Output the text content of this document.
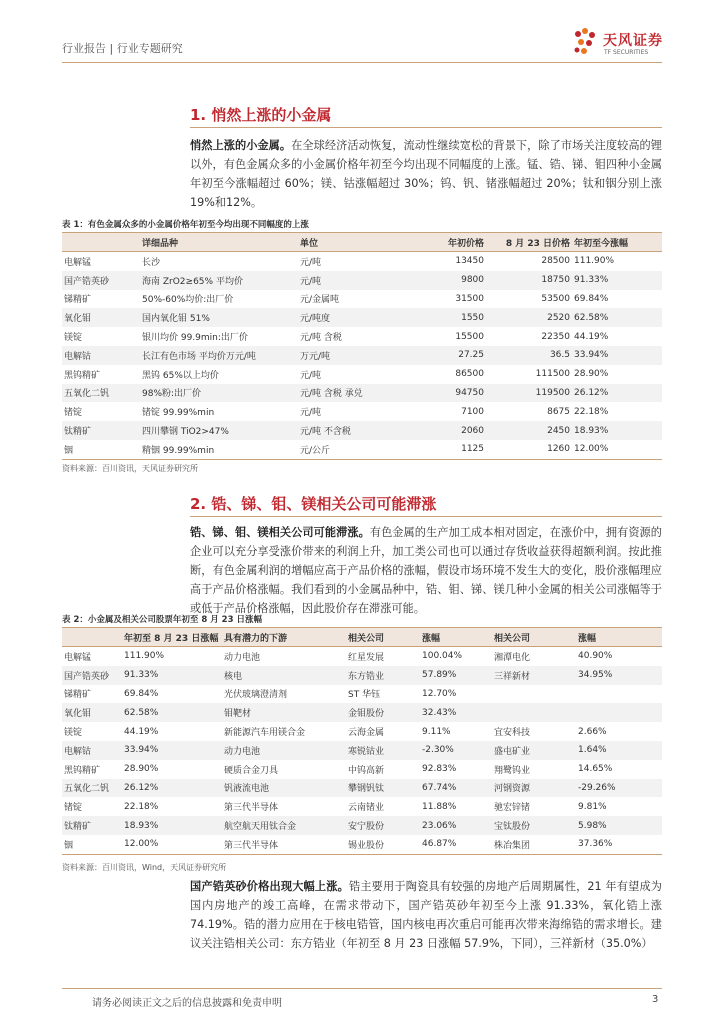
行业报告 | 行业专题研究	天风证券
TF SECURITIES
1. 悄然上涨的小金属
悄然上涨的小金属。在全球经济活动恢复，流动性继续宽松的背景下，除了市场关注度较高的锂以外，有色金属众多的小金属价格年初至今均出现不同幅度的上涨。锰、锆、锑、钼四种小金属年初至今涨幅超过 60%；镁、钴涨幅超过 30%；钨、钒、锗涨幅超过 20%；钛和铟分别上涨 19%和12%。
表 1：有色金属众多的小金属价格年初至今均出现不同幅度的上涨
	详细品种	单位	年初价格	8 月 23 日价格	年初至今涨幅
电解锰	长沙	元/吨	13450	28500	111.90%
国产锆英砂	海南 ZrO2≥65% 平均价	元/吨	9800	18750	91.33%
锑精矿	50%-60%均价:出厂价	元/金属吨	31500	53500	69.84%
氧化钼	国内氧化钼 51%	元/吨度	1550	2520	62.58%
镁锭	银川均价 99.9min:出厂价	元/吨 含税	15500	22350	44.19%
电解钴	长江有色市场 平均价万元/吨	万元/吨	27.25	36.5	33.94%
黑钨精矿	黑钨 65%以上均价	元/吨	86500	111500	28.90%
五氧化二钒	98%粉:出厂价	元/吨 含税 承兑	94750	119500	26.12%
锗锭	锗锭 99.99%min	元/吨	7100	8675	22.18%
钛精矿	四川攀钢 TiO2>47%	元/吨 不含税	2060	2450	18.93%
铟	精铟 99.99%min	元/公斤	1125	1260	12.00%
资料来源：百川资讯，天风证券研究所
2. 锆、锑、钼、镁相关公司可能滞涨
锆、锑、钼、镁相关公司可能滞涨。有色金属的生产加工成本相对固定，在涨价中，拥有资源的企业可以充分享受涨价带来的利润上升，加工类公司也可以通过存货收益获得超额利润。按此推断，有色金属利润的增幅应高于产品价格的涨幅，假设市场环境不发生大的变化，股价涨幅理应高于产品价格涨幅。我们看到的小金属品种中，锆、钼、锑、镁几种小金属的相关公司涨幅等于或低于产品价格涨幅，因此股价存在滞涨可能。
表 2：小金属及相关公司股票年初至 8 月 23 日涨幅
	年初至 8 月 23 日涨幅	具有潜力的下游	相关公司	涨幅	相关公司	涨幅
电解锰	111.90%	动力电池	红星发展	100.04%	湘潭电化	40.90%
国产锆英砂	91.33%	核电	东方锆业	57.89%	三祥新材	34.95%
锑精矿	69.84%	光伏玻璃澄清剂	ST 华钰	12.70%		
氧化钼	62.58%	钼靶材	金钼股份	32.43%		
镁锭	44.19%	新能源汽车用镁合金	云海金属	9.11%	宜安科技	2.66%
电解钴	33.94%	动力电池	寒锐钴业	-2.30%	盛屯矿业	1.64%
黑钨精矿	28.90%	硬质合金刀具	中钨高新	92.83%	翔鹭钨业	14.65%
五氧化二钒	26.12%	钒液流电池	攀钢钒钛	67.74%	河钢资源	-29.26%
锗锭	22.18%	第三代半导体	云南锗业	11.88%	驰宏锌锗	9.81%
钛精矿	18.93%	航空航天用钛合金	安宁股份	23.06%	宝钛股份	5.98%
铟	12.00%	第三代半导体	锡业股份	46.87%	株冶集团	37.36%
资料来源：百川资讯，Wind，天风证券研究所
国产锆英砂价格出现大幅上涨。锆主要用于陶瓷具有较强的房地产后周期属性，21 年有望成为国内房地产的竣工高峰，在需求带动下，国产锆英砂年初至今上涨 91.33%，氧化锆上涨 74.19%。锆的潜力应用在于核电锆管，国内核电再次重启可能再次带来海绵锆的需求增长。建议关注锆相关公司：东方锆业（年初至 8 月 23 日涨幅 57.9%，下同），三祥新材（35.0%）
请务必阅读正文之后的信息披露和免责申明	3
